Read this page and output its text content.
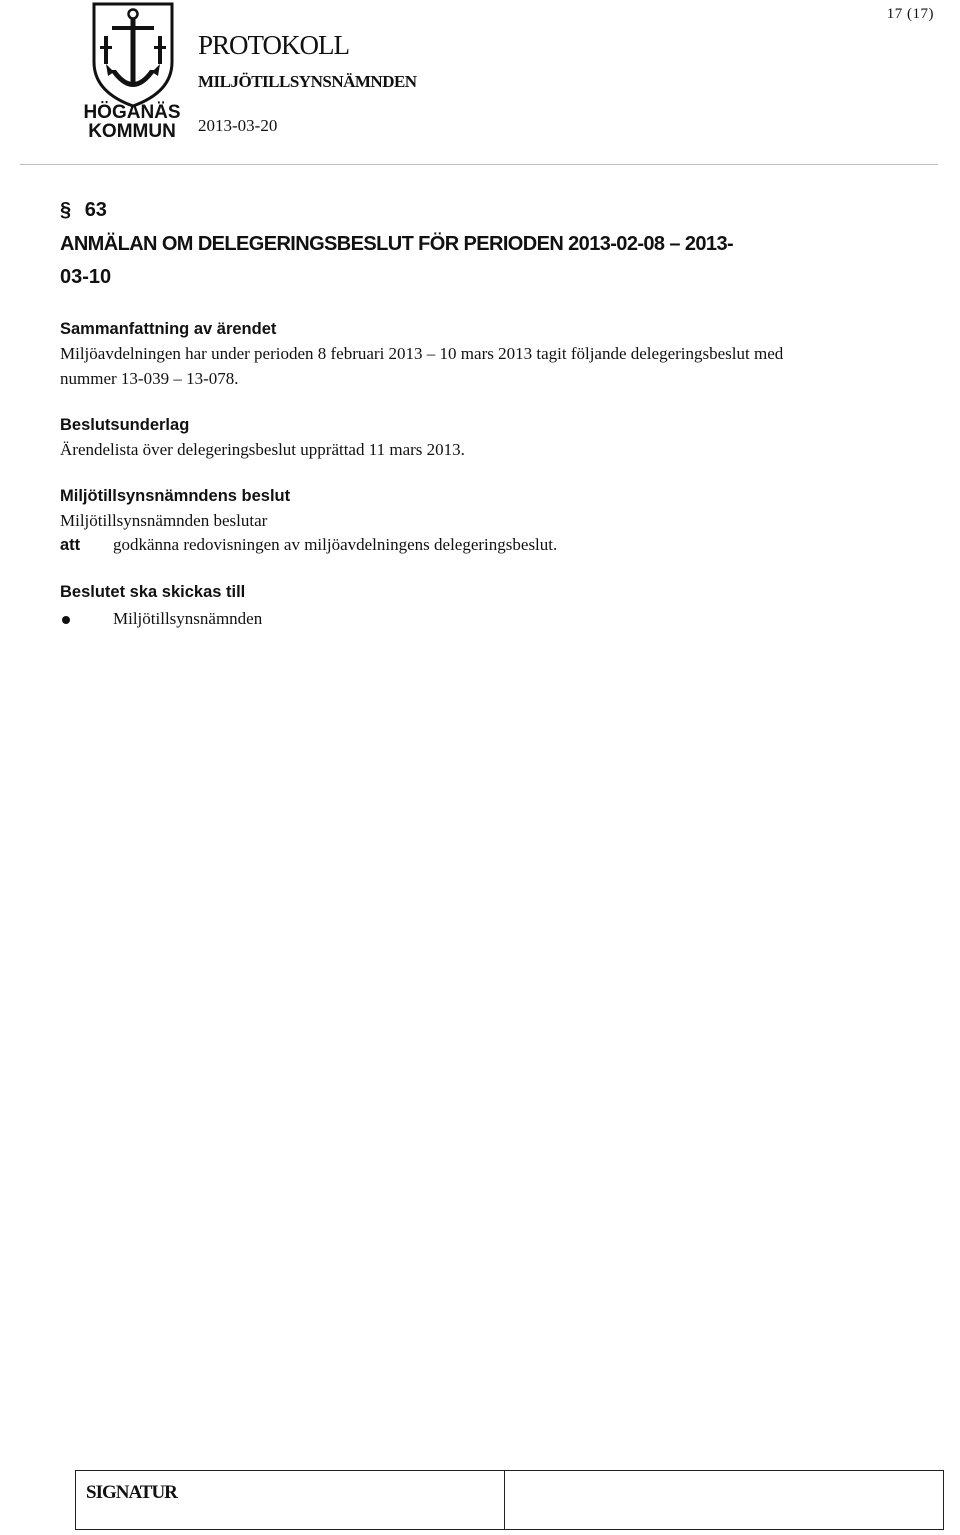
17 (17)
HÖGANÄS
KOMMUN
PROTOKOLL
MILJÖTILLSYNSNÄMNDEN
2013-03-20
§ 63
ANMÄLAN OM DELEGERINGSBESLUT FÖR PERIODEN 2013-02-08 – 2013-
03-10
Sammanfattning av ärendet
Miljöavdelningen har under perioden 8 februari 2013 – 10 mars 2013 tagit följande delegeringsbeslut med
nummer 13-039 – 13-078.
Beslutsunderlag
Ärendelista över delegeringsbeslut upprättad 11 mars 2013.
Miljötillsynsnämndens beslut
Miljötillsynsnämnden beslutar
att godkänna redovisningen av miljöavdelningens delegeringsbeslut.
Beslutet ska skickas till
Miljötillsynsnämnden
SIGNATUR
